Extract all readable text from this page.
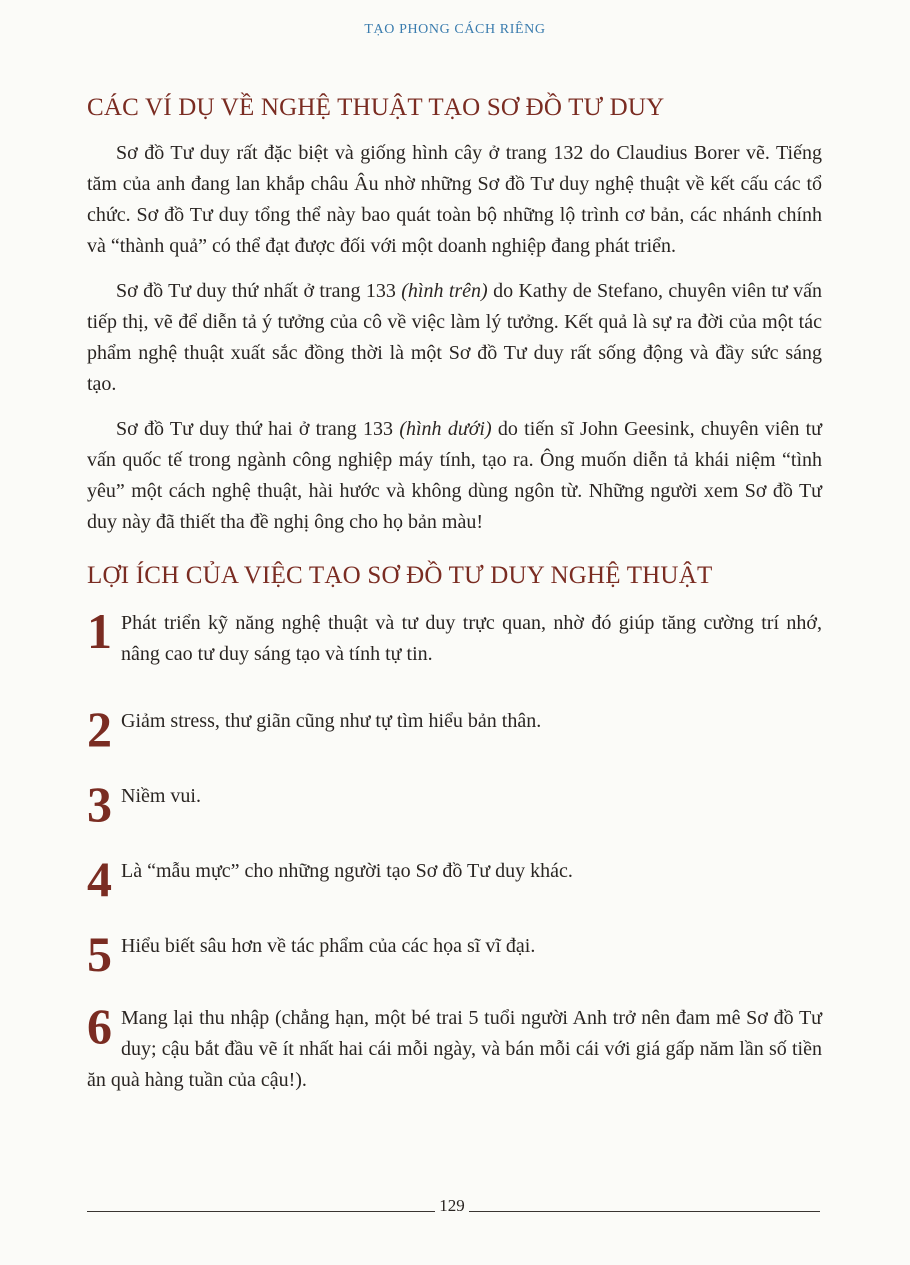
TẠO PHONG CÁCH RIÊNG
CÁC VÍ DỤ VỀ NGHỆ THUẬT TẠO SƠ ĐỒ TƯ DUY

Sơ đồ Tư duy rất đặc biệt và giống hình cây ở trang 132 do Claudius Borer vẽ. Tiếng tăm của anh đang lan khắp châu Âu nhờ những Sơ đồ Tư duy nghệ thuật về kết cấu các tổ chức. Sơ đồ Tư duy tổng thể này bao quát toàn bộ những lộ trình cơ bản, các nhánh chính và “thành quả” có thể đạt được đối với một doanh nghiệp đang phát triển.

Sơ đồ Tư duy thứ nhất ở trang 133 (hình trên) do Kathy de Stefano, chuyên viên tư vấn tiếp thị, vẽ để diễn tả ý tưởng của cô về việc làm lý tưởng. Kết quả là sự ra đời của một tác phẩm nghệ thuật xuất sắc đồng thời là một Sơ đồ Tư duy rất sống động và đầy sức sáng tạo.

Sơ đồ Tư duy thứ hai ở trang 133 (hình dưới) do tiến sĩ John Geesink, chuyên viên tư vấn quốc tế trong ngành công nghiệp máy tính, tạo ra. Ông muốn diễn tả khái niệm “tình yêu” một cách nghệ thuật, hài hước và không dùng ngôn từ. Những người xem Sơ đồ Tư duy này đã thiết tha đề nghị ông cho họ bản màu!

LỢI ÍCH CỦA VIỆC TẠO SƠ ĐỒ TƯ DUY NGHỆ THUẬT
1 Phát triển kỹ năng nghệ thuật và tư duy trực quan, nhờ đó giúp tăng cường trí nhớ, nâng cao tư duy sáng tạo và tính tự tin.
2 Giảm stress, thư giãn cũng như tự tìm hiểu bản thân.
3 Niềm vui.
4 Là “mẫu mực” cho những người tạo Sơ đồ Tư duy khác.
5 Hiểu biết sâu hơn về tác phẩm của các họa sĩ vĩ đại.
6 Mang lại thu nhập (chẳng hạn, một bé trai 5 tuổi người Anh trở nên đam mê Sơ đồ Tư duy; cậu bắt đầu vẽ ít nhất hai cái mỗi ngày, và bán mỗi cái với giá gấp năm lần số tiền ăn quà hàng tuần của cậu!).
129
